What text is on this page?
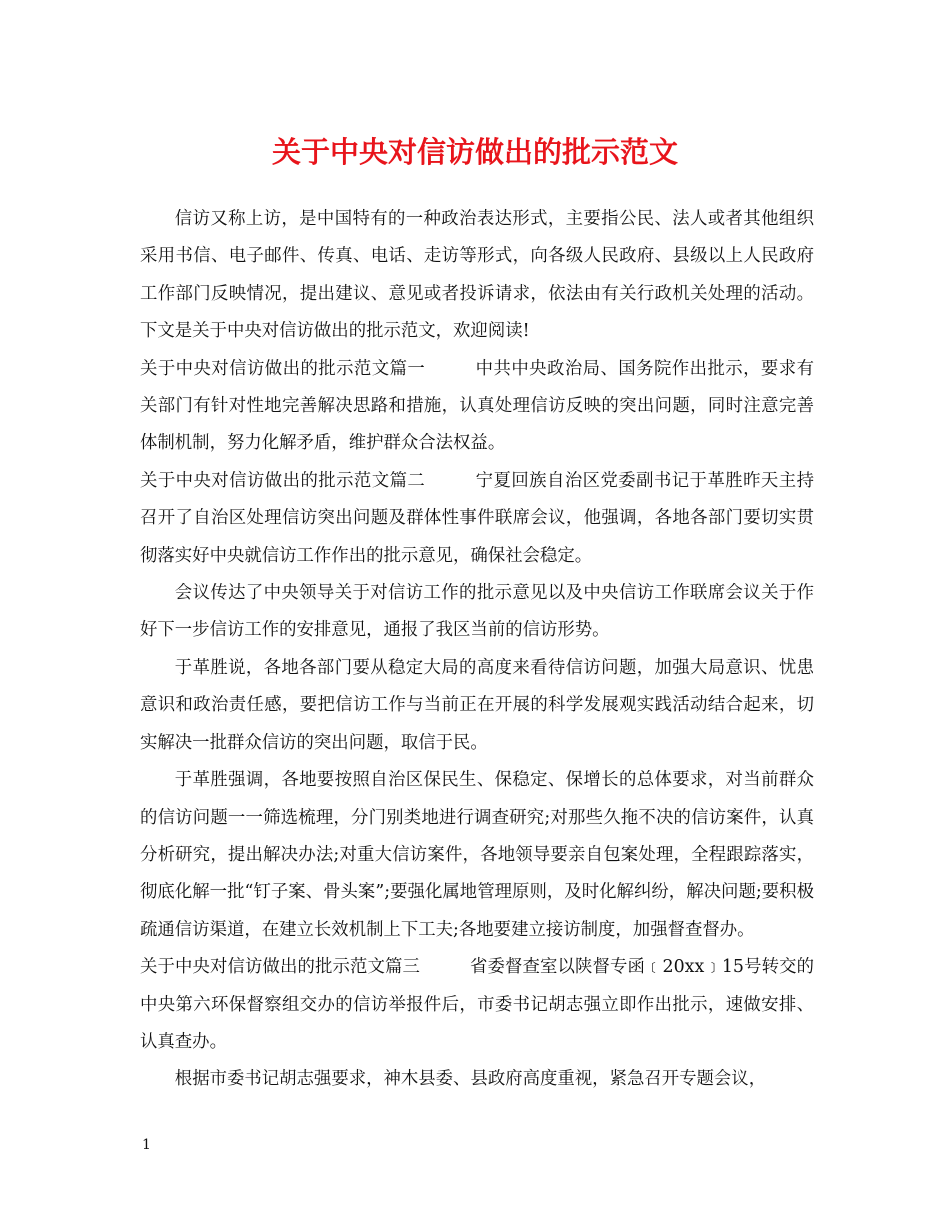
关于中央对信访做出的批示范文

信访又称上访，是中国特有的一种政治表达形式，主要指公民、法人或者其他组织采用书信、电子邮件、传真、电话、走访等形式，向各级人民政府、县级以上人民政府工作部门反映情况，提出建议、意见或者投诉请求，依法由有关行政机关处理的活动。下文是关于中央对信访做出的批示范文，欢迎阅读!

关于中央对信访做出的批示范文篇一	中共中央政治局、国务院作出批示，要求有关部门有针对性地完善解决思路和措施，认真处理信访反映的突出问题，同时注意完善体制机制，努力化解矛盾，维护群众合法权益。

关于中央对信访做出的批示范文篇二	宁夏回族自治区党委副书记于革胜昨天主持召开了自治区处理信访突出问题及群体性事件联席会议，他强调，各地各部门要切实贯彻落实好中央就信访工作作出的批示意见，确保社会稳定。

会议传达了中央领导关于对信访工作的批示意见以及中央信访工作联席会议关于作好下一步信访工作的安排意见，通报了我区当前的信访形势。

于革胜说，各地各部门要从稳定大局的高度来看待信访问题，加强大局意识、忧患意识和政治责任感，要把信访工作与当前正在开展的科学发展观实践活动结合起来，切实解决一批群众信访的突出问题，取信于民。

于革胜强调，各地要按照自治区保民生、保稳定、保增长的总体要求，对当前群众的信访问题一一筛选梳理，分门别类地进行调查研究;对那些久拖不决的信访案件，认真分析研究，提出解决办法;对重大信访案件，各地领导要亲自包案处理，全程跟踪落实，彻底化解一批“钉子案、骨头案”;要强化属地管理原则，及时化解纠纷，解决问题;要积极疏通信访渠道，在建立长效机制上下工夫;各地要建立接访制度，加强督查督办。

关于中央对信访做出的批示范文篇三	省委督查室以陕督专函﹝20xx﹞15号转交的中央第六环保督察组交办的信访举报件后，市委书记胡志强立即作出批示，速做安排、认真查办。

根据市委书记胡志强要求，神木县委、县政府高度重视，紧急召开专题会议，

1
